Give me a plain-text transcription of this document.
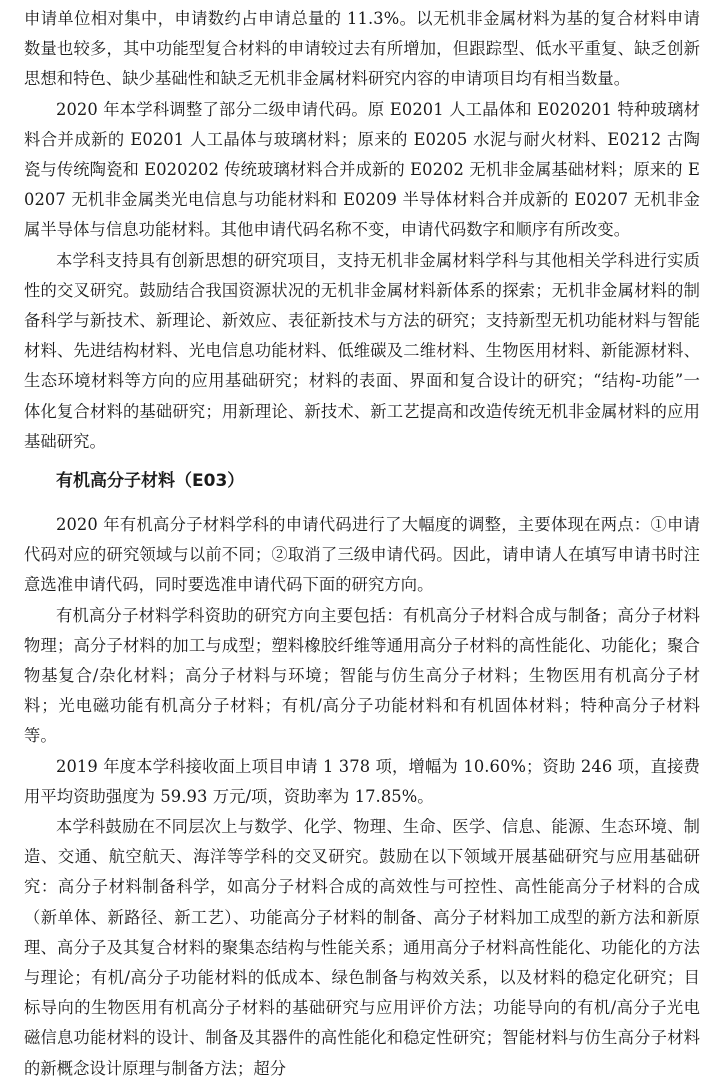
申请单位相对集中，申请数约占申请总量的 11.3%。以无机非金属材料为基的复合材料申请数量也较多，其中功能型复合材料的申请较过去有所增加，但跟踪型、低水平重复、缺乏创新思想和特色、缺少基础性和缺乏无机非金属材料研究内容的申请项目均有相当数量。

2020 年本学科调整了部分二级申请代码。原 E0201 人工晶体和 E020201 特种玻璃材料合并成新的 E0201 人工晶体与玻璃材料；原来的 E0205 水泥与耐火材料、E0212 古陶瓷与传统陶瓷和 E020202 传统玻璃材料合并成新的 E0202 无机非金属基础材料；原来的 E0207 无机非金属类光电信息与功能材料和 E0209 半导体材料合并成新的 E0207 无机非金属半导体与信息功能材料。其他申请代码名称不变，申请代码数字和顺序有所改变。

本学科支持具有创新思想的研究项目，支持无机非金属材料学科与其他相关学科进行实质性的交叉研究。鼓励结合我国资源状况的无机非金属材料新体系的探索；无机非金属材料的制备科学与新技术、新理论、新效应、表征新技术与方法的研究；支持新型无机功能材料与智能材料、先进结构材料、光电信息功能材料、低维碳及二维材料、生物医用材料、新能源材料、生态环境材料等方向的应用基础研究；材料的表面、界面和复合设计的研究；“结构-功能”一体化复合材料的基础研究；用新理论、新技术、新工艺提高和改造传统无机非金属材料的应用基础研究。

有机高分子材料（E03）

2020 年有机高分子材料学科的申请代码进行了大幅度的调整，主要体现在两点：①申请代码对应的研究领域与以前不同；②取消了三级申请代码。因此，请申请人在填写申请书时注意选准申请代码，同时要选准申请代码下面的研究方向。

有机高分子材料学科资助的研究方向主要包括：有机高分子材料合成与制备；高分子材料物理；高分子材料的加工与成型；塑料橡胶纤维等通用高分子材料的高性能化、功能化；聚合物基复合/杂化材料；高分子材料与环境；智能与仿生高分子材料；生物医用有机高分子材料；光电磁功能有机高分子材料；有机/高分子功能材料和有机固体材料；特种高分子材料等。

2019 年度本学科接收面上项目申请 1 378 项，增幅为 10.60%；资助 246 项，直接费用平均资助强度为 59.93 万元/项，资助率为 17.85%。

本学科鼓励在不同层次上与数学、化学、物理、生命、医学、信息、能源、生态环境、制造、交通、航空航天、海洋等学科的交叉研究。鼓励在以下领域开展基础研究与应用基础研究：高分子材料制备科学，如高分子材料合成的高效性与可控性、高性能高分子材料的合成（新单体、新路径、新工艺）、功能高分子材料的制备、高分子材料加工成型的新方法和新原理、高分子及其复合材料的聚集态结构与性能关系；通用高分子材料高性能化、功能化的方法与理论；有机/高分子功能材料的低成本、绿色制备与构效关系，以及材料的稳定化研究；目标导向的生物医用有机高分子材料的基础研究与应用评价方法；功能导向的有机/高分子光电磁信息功能材料的设计、制备及其器件的高性能化和稳定性研究；智能材料与仿生高分子材料的新概念设计原理与制备方法；超分
